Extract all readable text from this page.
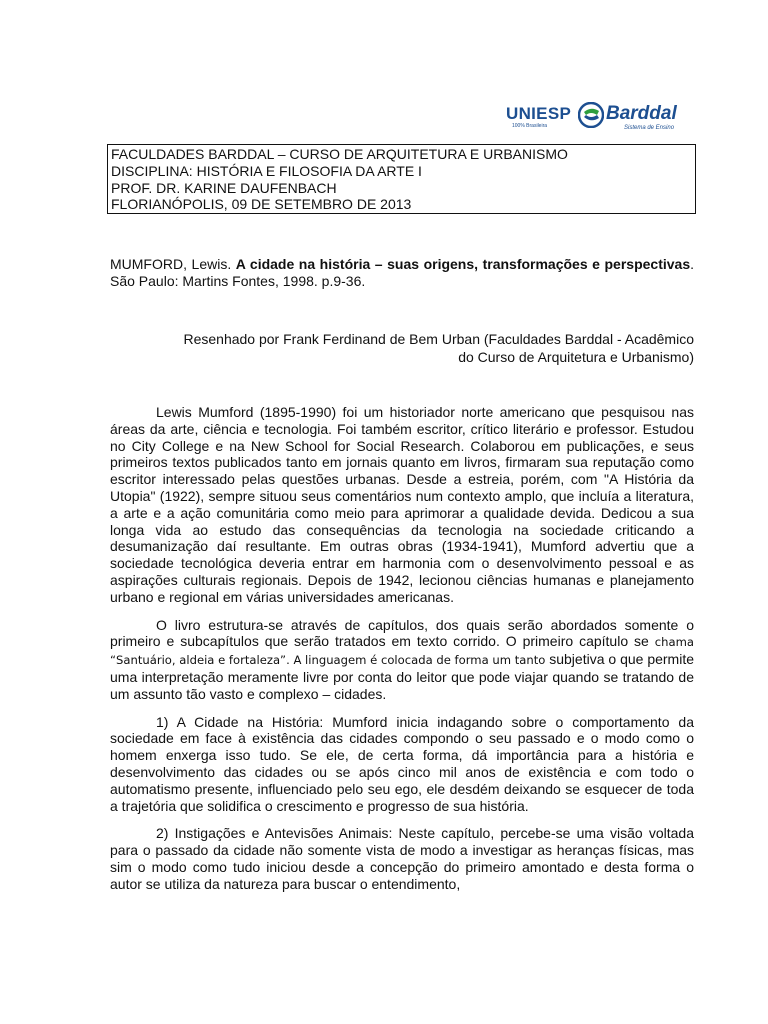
UNIESP
100% Brasileira
Barddal
Sistema de Ensino
FACULDADES BARDDAL – CURSO DE ARQUITETURA E URBANISMO
DISCIPLINA: HISTÓRIA E FILOSOFIA DA ARTE I
PROF. DR. KARINE DAUFENBACH
FLORIANÓPOLIS, 09 DE SETEMBRO DE 2013
MUMFORD, Lewis. A cidade na história – suas origens, transformações e perspectivas. São Paulo: Martins Fontes, 1998. p.9-36.
Resenhado por Frank Ferdinand de Bem Urban (Faculdades Barddal - Acadêmico
do Curso de Arquitetura e Urbanismo)

Lewis Mumford (1895-1990) foi um historiador norte americano que pesquisou nas áreas da arte, ciência e tecnologia. Foi também escritor, crítico literário e professor. Estudou no City College e na New School for Social Research. Colaborou em publicações, e seus primeiros textos publicados tanto em jornais quanto em livros, firmaram sua reputação como escritor interessado pelas questões urbanas. Desde a estreia, porém, com "A História da Utopia" (1922), sempre situou seus comentários num contexto amplo, que incluía a literatura, a arte e a ação comunitária como meio para aprimorar a qualidade devida. Dedicou a sua longa vida ao estudo das consequências da tecnologia na sociedade criticando a desumanização daí resultante. Em outras obras (1934-1941), Mumford advertiu que a sociedade tecnológica deveria entrar em harmonia com o desenvolvimento pessoal e as aspirações culturais regionais. Depois de 1942, lecionou ciências humanas e planejamento urbano e regional em várias universidades americanas.

O livro estrutura-se através de capítulos, dos quais serão abordados somente o primeiro e subcapítulos que serão tratados em texto corrido. O primeiro capítulo se chama “Santuário, aldeia e fortaleza”. A linguagem é colocada de forma um tanto subjetiva o que permite uma interpretação meramente livre por conta do leitor que pode viajar quando se tratando de um assunto tão vasto e complexo – cidades.

1) A Cidade na História: Mumford inicia indagando sobre o comportamento da sociedade em face à existência das cidades compondo o seu passado e o modo como o homem enxerga isso tudo. Se ele, de certa forma, dá importância para a história e desenvolvimento das cidades ou se após cinco mil anos de existência e com todo o automatismo presente, influenciado pelo seu ego, ele desdém deixando se esquecer de toda a trajetória que solidifica o crescimento e progresso de sua história.

2) Instigações e Antevisões Animais: Neste capítulo, percebe-se uma visão voltada para o passado da cidade não somente vista de modo a investigar as heranças físicas, mas sim o modo como tudo iniciou desde a concepção do primeiro amontado e desta forma o autor se utiliza da natureza para buscar o entendimento,
